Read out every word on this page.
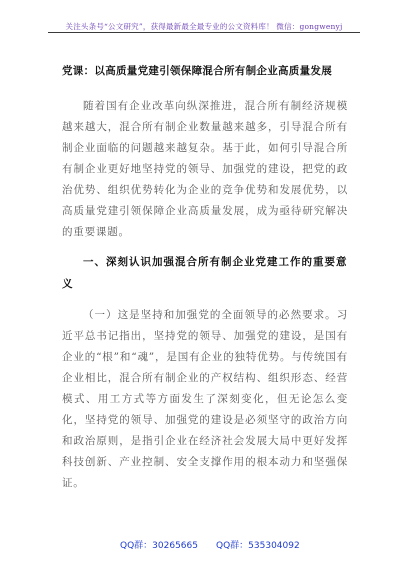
关注头条号“公文研究”，获得最新最全最专业的公文资料库！ 微信：gongwenyj
党课：以高质量党建引领保障混合所有制企业高质量发展

随着国有企业改革向纵深推进，混合所有制经济规模越来越大，混合所有制企业数量越来越多，引导混合所有制企业面临的问题越来越复杂。基于此，如何引导混合所有制企业更好地坚持党的领导、加强党的建设，把党的政治优势、组织优势转化为企业的竞争优势和发展优势，以高质量党建引领保障企业高质量发展，成为亟待研究解决的重要课题。

一、深刻认识加强混合所有制企业党建工作的重要意义

（一）这是坚持和加强党的全面领导的必然要求。习近平总书记指出，坚持党的领导、加强党的建设，是国有企业的“根”和“魂”，是国有企业的独特优势。与传统国有企业相比，混合所有制企业的产权结构、组织形态、经营模式、用工方式等方面发生了深刻变化，但无论怎么变化，坚持党的领导、加强党的建设是必须坚守的政治方向和政治原则，是指引企业在经济社会发展大局中更好发挥科技创新、产业控制、安全支撑作用的根本动力和坚强保证。

QQ群：30265665 QQ群：535304092
